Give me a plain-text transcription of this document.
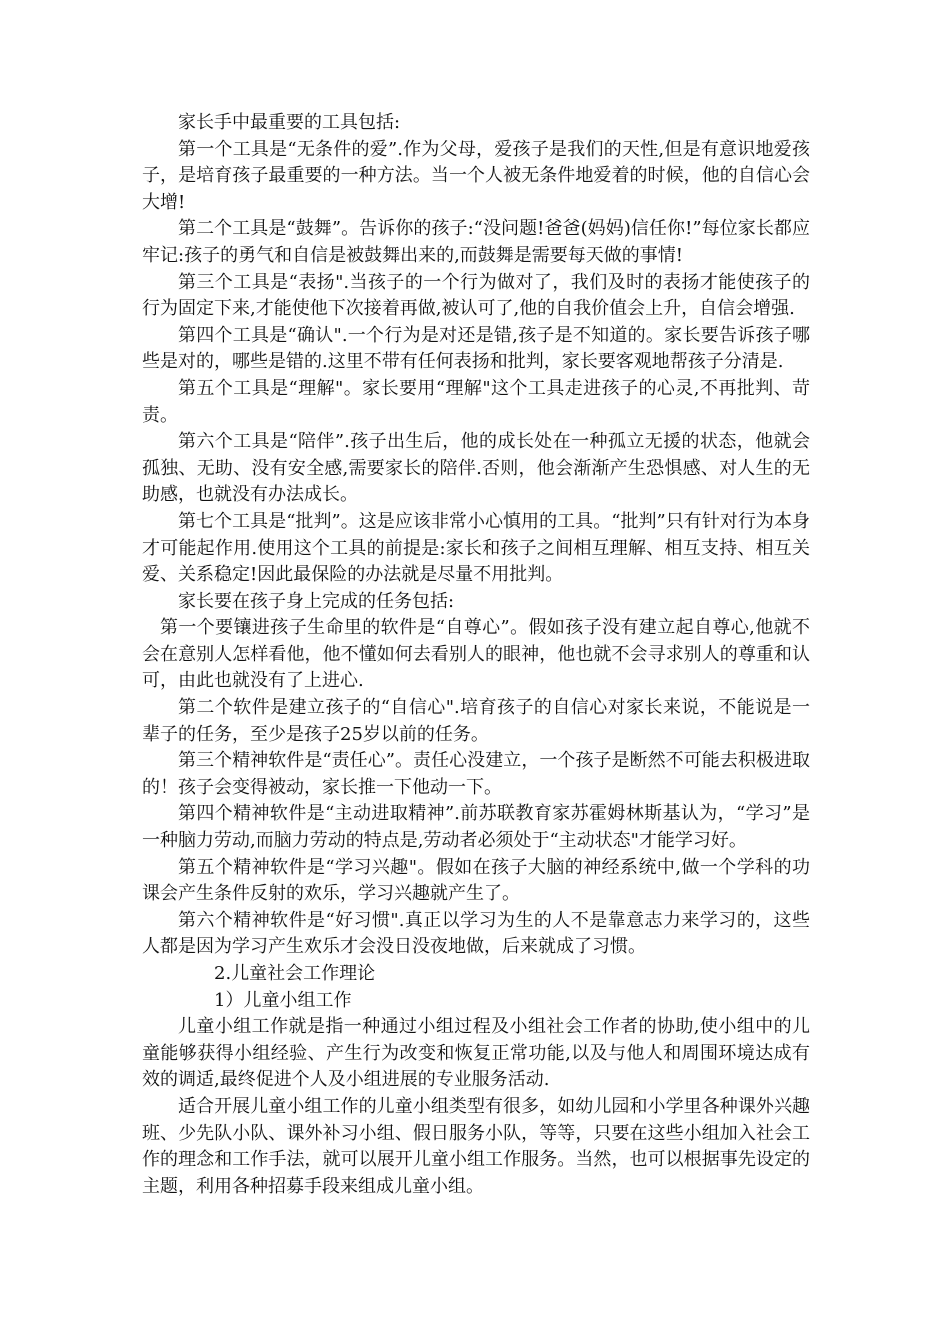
家长手中最重要的工具包括:

第一个工具是“无条件的爱”.作为父母，爱孩子是我们的天性,但是有意识地爱孩子，是培育孩子最重要的一种方法。当一个人被无条件地爱着的时候，他的自信心会大增!

第二个工具是“鼓舞”。告诉你的孩子:“没问题!爸爸(妈妈)信任你!”每位家长都应牢记:孩子的勇气和自信是被鼓舞出来的,而鼓舞是需要每天做的事情!

第三个工具是“表扬".当孩子的一个行为做对了，我们及时的表扬才能使孩子的行为固定下来,才能使他下次接着再做,被认可了,他的自我价值会上升，自信会增强.

第四个工具是“确认".一个行为是对还是错,孩子是不知道的。家长要告诉孩子哪些是对的，哪些是错的.这里不带有任何表扬和批判，家长要客观地帮孩子分清是.

第五个工具是“理解"。家长要用“理解"这个工具走进孩子的心灵,不再批判、苛责。

第六个工具是“陪伴”.孩子出生后，他的成长处在一种孤立无援的状态，他就会孤独、无助、没有安全感,需要家长的陪伴.否则，他会渐渐产生恐惧感、对人生的无助感，也就没有办法成长。

第七个工具是“批判”。这是应该非常小心慎用的工具。“批判”只有针对行为本身才可能起作用.使用这个工具的前提是:家长和孩子之间相互理解、相互支持、相互关爱、关系稳定!因此最保险的办法就是尽量不用批判。

家长要在孩子身上完成的任务包括:

第一个要镶进孩子生命里的软件是“自尊心”。假如孩子没有建立起自尊心,他就不会在意别人怎样看他，他不懂如何去看别人的眼神，他也就不会寻求别人的尊重和认可，由此也就没有了上进心.

第二个软件是建立孩子的“自信心".培育孩子的自信心对家长来说，不能说是一辈子的任务，至少是孩子25岁以前的任务。

第三个精神软件是“责任心”。责任心没建立，一个孩子是断然不可能去积极进取的！孩子会变得被动，家长推一下他动一下。

第四个精神软件是“主动进取精神”.前苏联教育家苏霍姆林斯基认为，“学习”是一种脑力劳动,而脑力劳动的特点是,劳动者必须处于“主动状态"才能学习好。

第五个精神软件是“学习兴趣"。假如在孩子大脑的神经系统中,做一个学科的功课会产生条件反射的欢乐，学习兴趣就产生了。

第六个精神软件是“好习惯".真正以学习为生的人不是靠意志力来学习的，这些人都是因为学习产生欢乐才会没日没夜地做，后来就成了习惯。

2.儿童社会工作理论

1）儿童小组工作

儿童小组工作就是指一种通过小组过程及小组社会工作者的协助,使小组中的儿童能够获得小组经验、产生行为改变和恢复正常功能,以及与他人和周围环境达成有效的调适,最终促进个人及小组进展的专业服务活动.

适合开展儿童小组工作的儿童小组类型有很多，如幼儿园和小学里各种课外兴趣班、少先队小队、课外补习小组、假日服务小队，等等，只要在这些小组加入社会工作的理念和工作手法，就可以展开儿童小组工作服务。当然，也可以根据事先设定的主题，利用各种招募手段来组成儿童小组。
